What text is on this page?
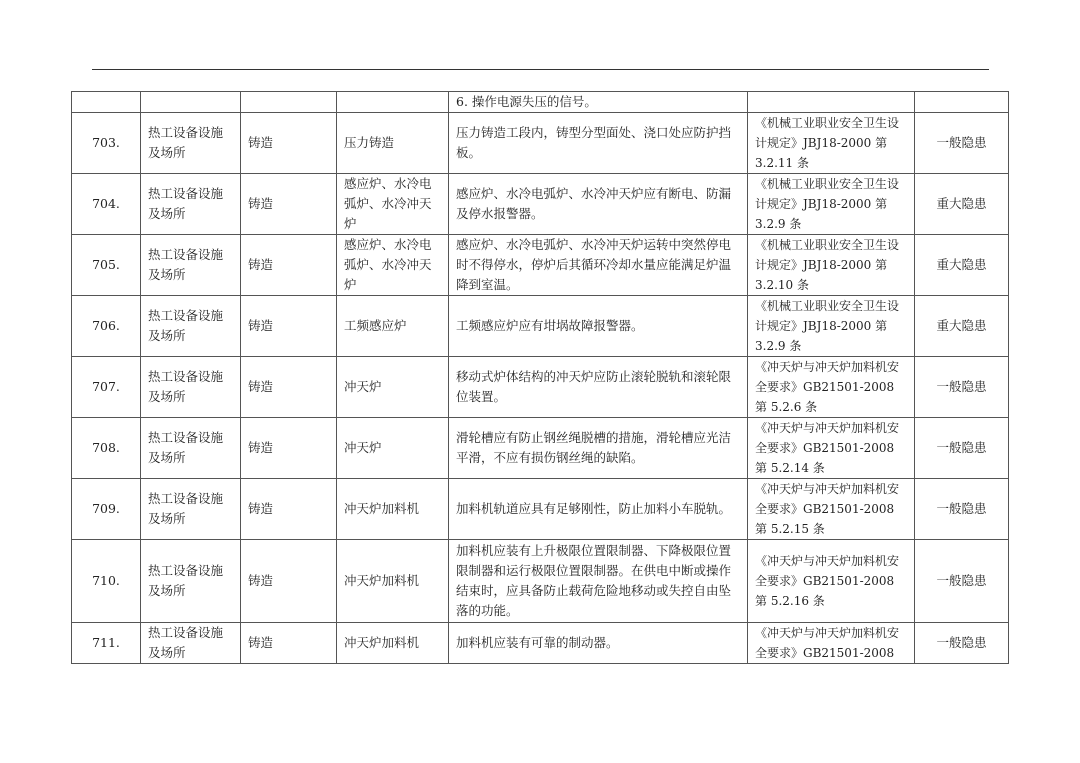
				6. 操作电源失压的信号。		
703.	热工设备设施及场所	铸造	压力铸造	压力铸造工段内，铸型分型面处、浇口处应防护挡板。	《机械工业职业安全卫生设计规定》JBJ18-2000 第3.2.11 条	一般隐患
704.	热工设备设施及场所	铸造	感应炉、水冷电弧炉、水冷冲天炉	感应炉、水冷电弧炉、水冷冲天炉应有断电、防漏及停水报警器。	《机械工业职业安全卫生设计规定》JBJ18-2000 第3.2.9 条	重大隐患
705.	热工设备设施及场所	铸造	感应炉、水冷电弧炉、水冷冲天炉	感应炉、水冷电弧炉、水冷冲天炉运转中突然停电时不得停水，停炉后其循环冷却水量应能满足炉温降到室温。	《机械工业职业安全卫生设计规定》JBJ18-2000 第3.2.10 条	重大隐患
706.	热工设备设施及场所	铸造	工频感应炉	工频感应炉应有坩埚故障报警器。	《机械工业职业安全卫生设计规定》JBJ18-2000 第3.2.9 条	重大隐患
707.	热工设备设施及场所	铸造	冲天炉	移动式炉体结构的冲天炉应防止滚轮脱轨和滚轮限位装置。	《冲天炉与冲天炉加料机安全要求》GB21501-2008 第 5.2.6 条	一般隐患
708.	热工设备设施及场所	铸造	冲天炉	滑轮槽应有防止钢丝绳脱槽的措施，滑轮槽应光洁平滑，不应有损伤钢丝绳的缺陷。	《冲天炉与冲天炉加料机安全要求》GB21501-2008 第 5.2.14 条	一般隐患
709.	热工设备设施及场所	铸造	冲天炉加料机	加料机轨道应具有足够刚性，防止加料小车脱轨。	《冲天炉与冲天炉加料机安全要求》GB21501-2008 第 5.2.15 条	一般隐患
710.	热工设备设施及场所	铸造	冲天炉加料机	加料机应装有上升极限位置限制器、下降极限位置限制器和运行极限位置限制器。在供电中断或操作结束时，应具备防止载荷危险地移动或失控自由坠落的功能。	《冲天炉与冲天炉加料机安全要求》GB21501-2008 第 5.2.16 条	一般隐患
711.	热工设备设施及场所	铸造	冲天炉加料机	加料机应装有可靠的制动器。	《冲天炉与冲天炉加料机安全要求》GB21501-2008	一般隐患
